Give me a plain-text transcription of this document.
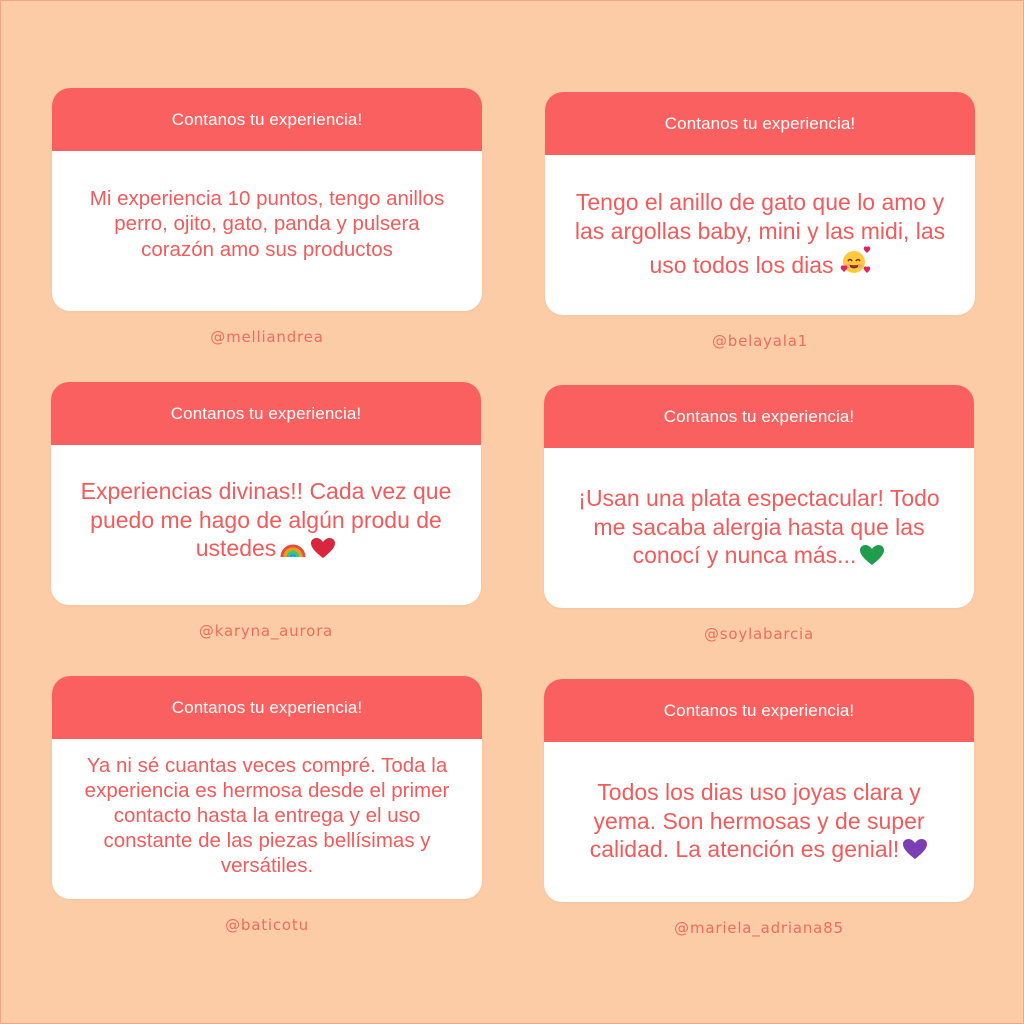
Contanos tu experiencia!
Mi experiencia 10 puntos, tengo anillos perro, ojito, gato, panda y pulsera corazón amo sus productos
@melliandrea
Contanos tu experiencia!
Tengo el anillo de gato que lo amo y las argollas baby, mini y las midi, las uso todos los dias
@belayala1
Contanos tu experiencia!
Experiencias divinas!! Cada vez que puedo me hago de algún produ de ustedes
@karyna_aurora
Contanos tu experiencia!
¡Usan una plata espectacular! Todo me sacaba alergia hasta que las conocí y nunca más...
@soylabarcia
Contanos tu experiencia!
Ya ni sé cuantas veces compré. Toda la experiencia es hermosa desde el primer contacto hasta la entrega y el uso constante de las piezas bellísimas y versátiles.
@baticotu
Contanos tu experiencia!
Todos los dias uso joyas clara y yema. Son hermosas y de super calidad. La atención es genial!
@mariela_adriana85
